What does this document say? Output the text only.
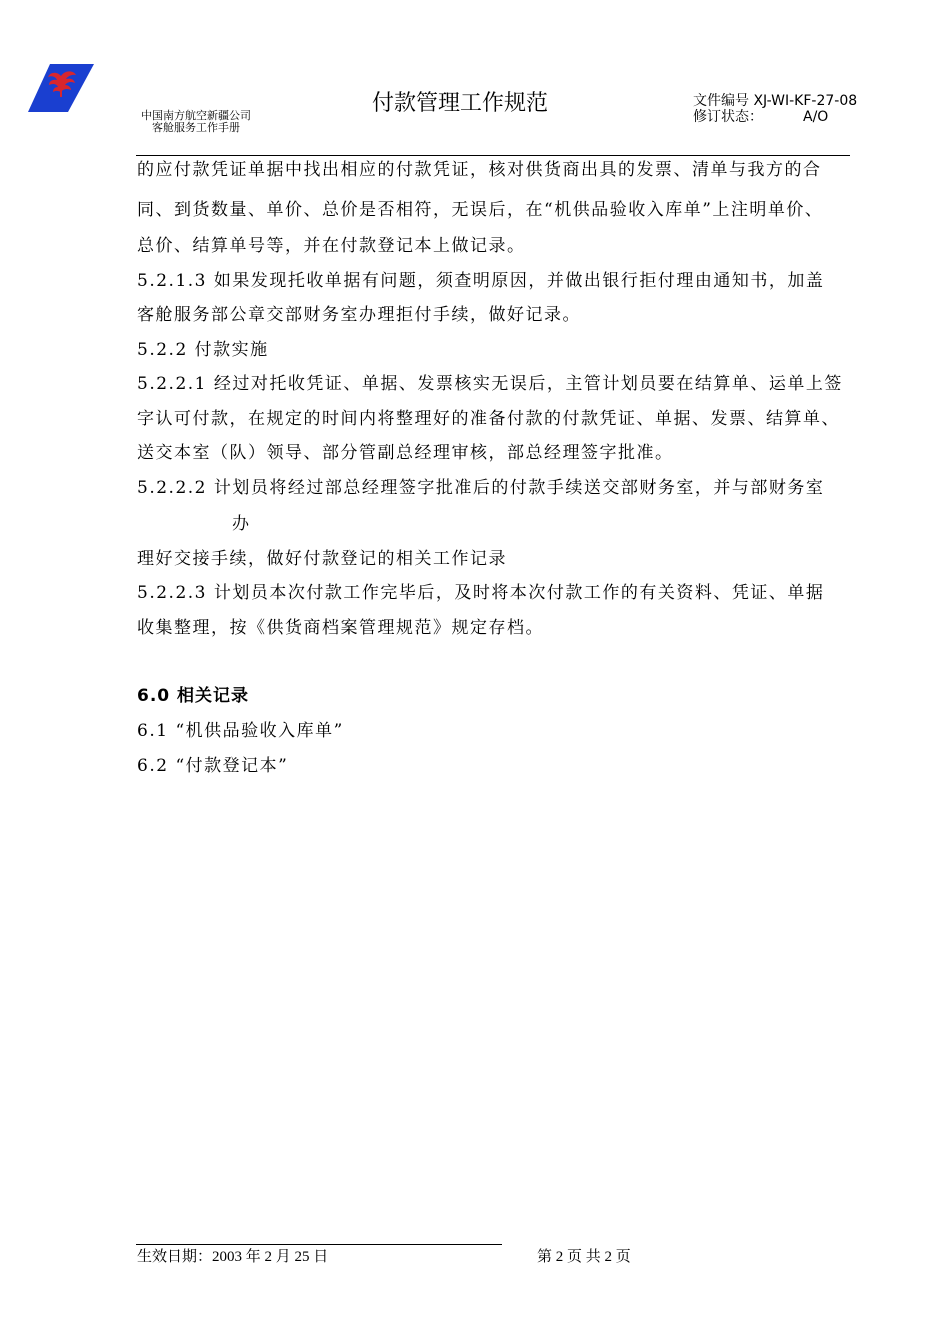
中国南方航空新疆公司
客舱服务工作手册
付款管理工作规范	文件编号 XJ-WI-KF-27-08
修订状态：	A/O
的应付款凭证单据中找出相应的付款凭证，核对供货商出具的发票、清单与我方的合
同、到货数量、单价、总价是否相符，无误后，在“机供品验收入库单”上注明单价、
总价、结算单号等，并在付款登记本上做记录。
5.2.1.3 如果发现托收单据有问题，须查明原因，并做出银行拒付理由通知书，加盖
客舱服务部公章交部财务室办理拒付手续，做好记录。
5.2.2 付款实施
5.2.2.1 经过对托收凭证、单据、发票核实无误后，主管计划员要在结算单、运单上签
字认可付款，在规定的时间内将整理好的准备付款的付款凭证、单据、发票、结算单、
送交本室（队）领导、部分管副总经理审核，部总经理签字批准。
5.2.2.2 计划员将经过部总经理签字批准后的付款手续送交部财务室，并与部财务室
办
理好交接手续，做好付款登记的相关工作记录
5.2.2.3 计划员本次付款工作完毕后，及时将本次付款工作的有关资料、凭证、单据
收集整理，按《供货商档案管理规范》规定存档。
6.0 相关记录
6.1 “机供品验收入库单”
6.2 “付款登记本”
生效日期：2003 年 2 月 25 日	第 2 页 共 2 页
